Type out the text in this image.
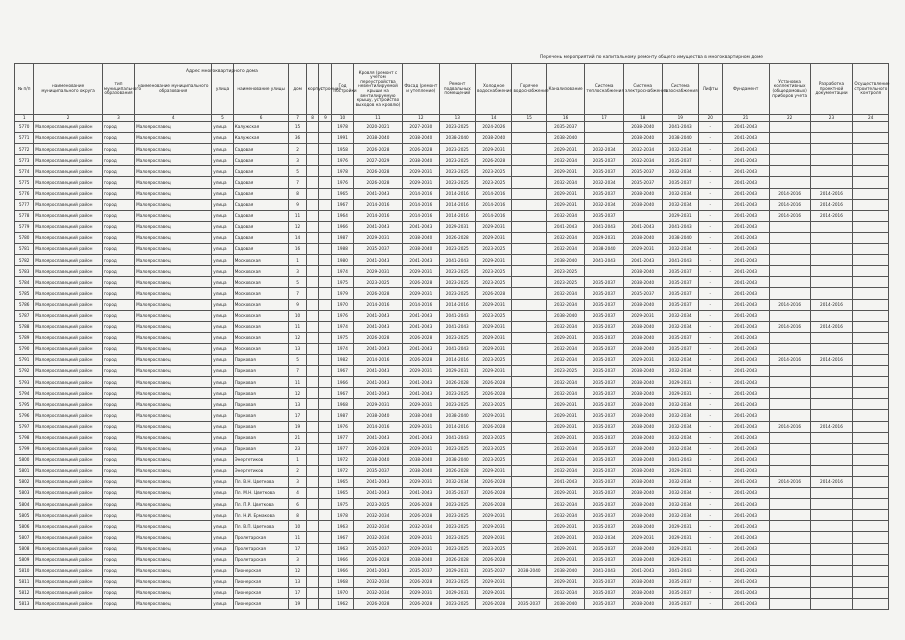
Перечень мероприятий по капитальному ремонту общего имущества в многоквартирном доме
№ п/п	наименование муниципального округа	тип муниципального образования	наименование муниципального образования	улица	наименование улицы	дом	корпус	строение	Год постройки	Кровля (ремонт с учетом переустройства невентилируемой крыши на вентилируемую крышу, устройство выходов на кровлю)	Фасад (ремонт и утепление)	Ремонт подвальных помещений	Холодное водоснабжение	Горячее водоснабжение	Канализование	Система теплоснабжения	Система электроснабжения	Система газоснабжения	Лифты	Фундамент	Установка коллективных (общедомовых) приборов учета	Разработка проектной документации	Осуществление строительного контроля
1	2	3	4	5	6	7	8	9	10	11	12	13	14	15	16	17	18	19	20	21	22	23	24
5770	Малоярославецкий район	город	Малоярославец	улица	Калужская	15			1978	2020-2021	2027-2030	2023-2025	2024-2026		2035-2037		2038-2040	2041-2043	-	2041-2043			
5771	Малоярославецкий район	город	Малоярославец	улица	Калужская	36			1991	2038-2040	2038-2040	2038-2040	2038-2040		2038-2040		2038-2040	2038-2040	-	2041-2043			
5772	Малоярославецкий район	город	Малоярославец	улица	Садовая	2			1958	2026-2028	2026-2028	2023-2025	2029-2031		2029-2031	2032-2034	2032-2034	2032-2034	-	2041-2043			
5773	Малоярославецкий район	город	Малоярославец	улица	Садовая	3			1976	2027-2029	2038-2040	2023-2025	2026-2028		2032-2034	2035-2037	2032-2034	2035-2037	-	2041-2043			
5774	Малоярославецкий район	город	Малоярославец	улица	Садовая	5			1978	2026-2028	2029-2031	2023-2025	2023-2025		2029-2031	2035-2037	2035-2037	2032-2034	-	2041-2043			
5775	Малоярославецкий район	город	Малоярославец	улица	Садовая	7			1976	2026-2028	2029-2031	2023-2025	2023-2025		2032-2034	2032-2034	2035-2037	2035-2037	-	2041-2043			
5776	Малоярославецкий район	город	Малоярославец	улица	Садовая	8			1965	2041-2043	2014-2016	2014-2016	2014-2016		2029-2031	2035-2037	2038-2040	2032-2034	-	2041-2043	2014-2016	2014-2016	
5777	Малоярославецкий район	город	Малоярославец	улица	Садовая	9			1967	2014-2016	2014-2016	2014-2016	2014-2016		2029-2031	2032-2034	2038-2040	2032-2034	-	2041-2043	2014-2016	2014-2016	
5778	Малоярославецкий район	город	Малоярославец	улица	Садовая	11			1964	2014-2016	2014-2016	2014-2016	2014-2016		2032-2034	2035-2037		2029-2031	-	2041-2043	2014-2016	2014-2016	
5779	Малоярославецкий район	город	Малоярославец	улица	Садовая	12			1966	2041-2043	2041-2043	2029-2031	2029-2031		2041-2043	2041-2043	2041-2043	2041-2043	-	2041-2043			
5780	Малоярославецкий район	город	Малоярославец	улица	Садовая	14			1987	2029-2031	2038-2040	2026-2028	2029-2031		2032-2034	2029-2031	2038-2040	2038-2040	-	2041-2043			
5781	Малоярославецкий район	город	Малоярославец	улица	Садовая	16			1988	2035-2037	2038-2040	2023-2025	2023-2025		2032-2034	2038-2040	2029-2031	2032-2034	-	2041-2043			
5782	Малоярославецкий район	город	Малоярославец	улица	Московская	1			1980	2041-2043	2041-2043	2041-2043	2029-2031		2038-2040	2041-2043	2041-2043	2041-2043	-	2041-2043			
5783	Малоярославецкий район	город	Малоярославец	улица	Московская	3			1974	2029-2031	2029-2031	2023-2025	2023-2025		2023-2025		2038-2040	2035-2037	-	2041-2043			
5784	Малоярославецкий район	город	Малоярославец	улица	Московская	5			1975	2023-2025	2026-2028	2023-2025	2023-2025		2023-2025	2035-2037	2038-2040	2035-2037	-	2041-2043			
5785	Малоярославецкий район	город	Малоярославец	улица	Московская	7			1979	2026-2028	2029-2031	2023-2025	2026-2028		2032-2034	2035-2037	2035-2037	2035-2037	-	2041-2043			
5786	Малоярославецкий район	город	Малоярославец	улица	Московская	9			1970	2014-2016	2014-2016	2014-2016	2029-2031		2032-2034	2035-2037	2038-2040	2035-2037	-	2041-2043	2014-2016	2014-2016	
5787	Малоярославецкий район	город	Малоярославец	улица	Московская	10			1976	2041-2043	2041-2043	2041-2043	2023-2025		2038-2040	2035-2037	2029-2031	2032-2034	-	2041-2043			
5788	Малоярославецкий район	город	Малоярославец	улица	Московская	11			1974	2041-2043	2041-2043	2041-2043	2029-2031		2032-2034	2035-2037	2038-2040	2032-2034	-	2041-2043	2014-2016	2014-2016	
5789	Малоярославецкий район	город	Малоярославец	улица	Московская	12			1975	2026-2028	2026-2028	2023-2025	2029-2031		2029-2031	2035-2037	2038-2040	2035-2037	-	2041-2043			
5790	Малоярославецкий район	город	Малоярославец	улица	Московская	13			1974	2041-2043	2041-2043	2041-2043	2029-2031		2032-2034	2035-2037	2038-2040	2035-2037	-	2041-2043			
5791	Малоярославецкий район	город	Малоярославец	улица	Парковая	5			1982	2014-2016	2026-2028	2014-2016	2023-2025		2032-2034	2035-2037	2029-2031	2032-2034	-	2041-2043	2014-2016	2014-2016	
5792	Малоярославецкий район	город	Малоярославец	улица	Парковая	7			1967	2041-2043	2029-2031	2029-2031	2029-2031		2023-2025	2035-2037	2038-2040	2032-2034	-	2041-2043			
5793	Малоярославецкий район	город	Малоярославец	улица	Парковая	11			1966	2041-2043	2041-2043	2026-2028	2026-2028		2032-2034	2035-2037	2038-2040	2029-2031	-	2041-2043			
5794	Малоярославецкий район	город	Малоярославец	улица	Парковая	12			1967	2041-2043	2041-2043	2023-2025	2026-2028		2032-2034	2035-2037	2038-2040	2029-2031	-	2041-2043			
5795	Малоярославецкий район	город	Малоярославец	улица	Парковая	13			1968	2029-2031	2029-2031	2023-2025	2023-2025		2029-2031	2035-2037	2038-2040	2032-2034	-	2041-2043			
5796	Малоярославецкий район	город	Малоярославец	улица	Парковая	17			1987	2038-2040	2038-2040	2038-2040	2029-2031		2029-2031	2035-2037	2038-2040	2032-2034	-	2041-2043			
5797	Малоярославецкий район	город	Малоярославец	улица	Парковая	19			1976	2014-2016	2029-2031	2014-2016	2026-2028		2029-2031	2035-2037	2038-2040	2032-2034	-	2041-2043	2014-2016	2014-2016	
5798	Малоярославецкий район	город	Малоярославец	улица	Парковая	21			1977	2041-2043	2041-2043	2041-2043	2023-2025		2029-2031	2035-2037	2038-2040	2032-2034	-	2041-2043			
5799	Малоярославецкий район	город	Малоярославец	улица	Парковая	23			1977	2026-2028	2029-2031	2023-2025	2023-2025		2032-2034	2035-2037	2038-2040	2032-2034	-	2041-2043			
5800	Малоярославецкий район	город	Малоярославец	улица	Энергетиков	1			1972	2038-2040	2038-2040	2038-2040	2023-2025		2032-2034	2035-2037	2038-2040	2041-2043	-	2041-2043			
5801	Малоярославецкий район	город	Малоярославец	улица	Энергетиков	2			1972	2035-2037	2038-2040	2026-2028	2029-2031		2032-2034	2035-2037	2038-2040	2029-2031	-	2041-2043			
5802	Малоярославецкий район	город	Малоярославец	улица	Пл. В.Н. Цветкова	3			1965	2041-2043	2029-2031	2032-2034	2026-2028		2041-2043	2035-2037	2038-2040	2032-2034	-	2041-2043	2014-2016	2014-2016	
5803	Малоярославецкий район	город	Малоярославец	улица	Пл. М.Н. Цветкова	4			1965	2041-2043	2041-2043	2035-2037	2026-2028		2029-2031	2035-2037	2038-2040	2032-2034	-	2041-2043			
5804	Малоярославецкий район	город	Малоярославец	улица	Пл. П.Р. Цветкова	6			1975	2023-2025	2026-2028	2023-2025	2026-2028		2032-2034	2035-2037	2038-2040	2032-2034	-	2041-2043			
5805	Малоярославецкий район	город	Малоярославец	улица	Пл. Н.И. Ермакова	8			1978	2032-2034	2026-2028	2023-2025	2029-2031		2032-2034	2035-2037	2038-2040	2032-2034	-	2041-2043			
5806	Малоярославецкий район	город	Малоярославец	улица	Пл. В.П. Цветкова	10			1963	2032-2034	2032-2034	2023-2025	2029-2031		2029-2031	2035-2037	2038-2040	2029-2031	-	2041-2043			
5807	Малоярославецкий район	город	Малоярославец	улица	Пролетарская	11			1967	2032-2034	2029-2031	2023-2025	2029-2031		2029-2031	2032-2034	2029-2031	2029-2031	-	2041-2043			
5808	Малоярославецкий район	город	Малоярославец	улица	Пролетарская	17			1963	2035-2037	2029-2031	2023-2025	2023-2025		2029-2031	2035-2037	2038-2040	2029-2031	-	2041-2043			
5809	Малоярославецкий район	город	Малоярославец	улица	Пролетарская	3			1966	2026-2028	2038-2040	2026-2028	2026-2028		2029-2031	2035-2037	2038-2040	2029-2031	-	2041-2043			
5810	Малоярославецкий район	город	Малоярославец	улица	Пионерская	12			1966	2041-2043	2035-2037	2029-2031	2035-2037	2038-2040	2038-2040	2041-2043	2041-2043	2041-2043	-	2041-2043			
5811	Малоярославецкий район	город	Малоярославец	улица	Пионерская	13			1968	2032-2034	2026-2028	2023-2025	2029-2031		2029-2031	2035-2037	2038-2040	2035-2037	-	2041-2043			
5812	Малоярославецкий район	город	Малоярославец	улица	Пионерская	17			1970	2032-2034	2029-2031	2029-2031	2029-2031		2032-2034	2035-2037	2038-2040	2035-2037	-	2041-2043			
5813	Малоярославецкий район	город	Малоярославец	улица	Пионерская	19			1962	2026-2028	2026-2028	2023-2025	2026-2028	2035-2037	2038-2040	2035-2037	2038-2040	2035-2037	-	2041-2043			
Адрес многоквартирного дома
